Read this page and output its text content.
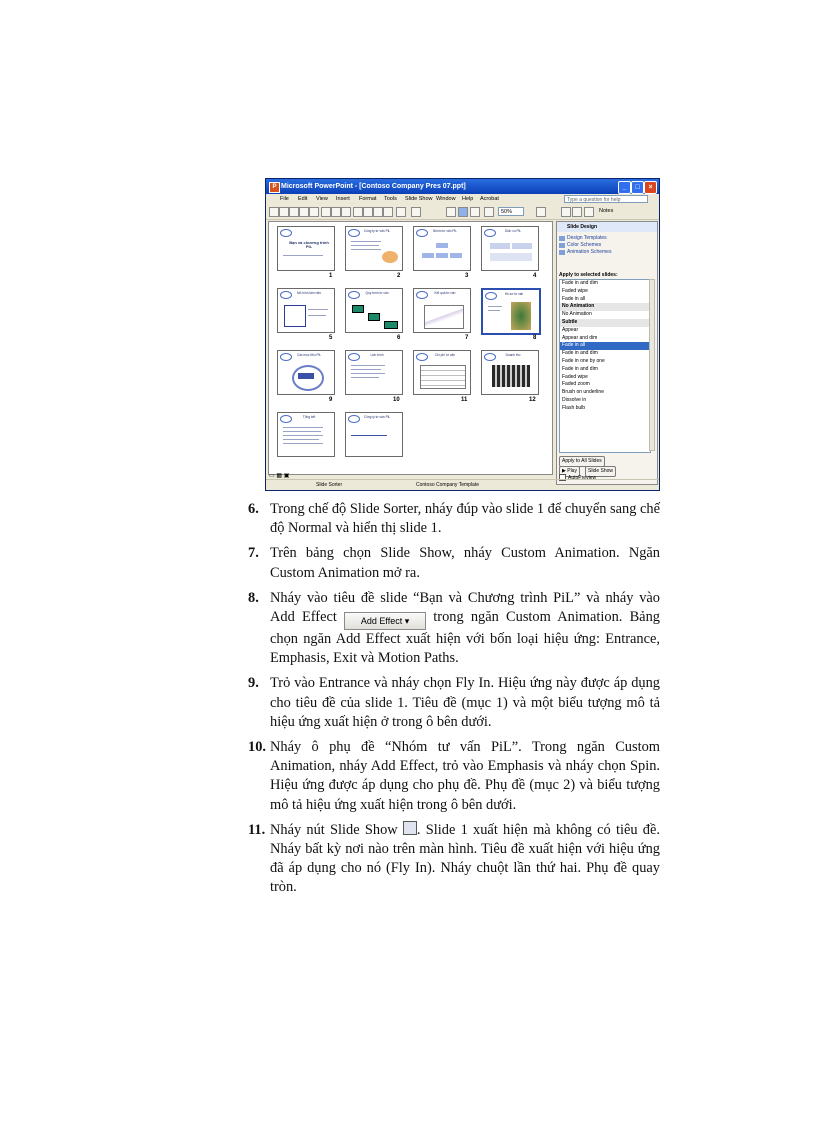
P Microsoft PowerPoint - [Contoso Company Pres 07.ppt]	_	□	×
File Edit View Insert Format Tools Slide Show Window Help Acrobat	Type a question for help
50%	Notes
Bạn và chương trình PiL
1
Công ty tư vấn PiL
2
Nhóm tư vấn PiL
3
Dịch vụ PiL
4
Mô hình làm việc
5
Quy trình tư vấn
6
Kết quả tư vấn
7
Hồ sơ tư vấn
8
Các mục tiêu PiL
9
Lịch trình
10
Chi phí tư vấn
11
Doanh thu
12
Tổng kết	Công ty tư vấn PiL
Slide Design
Design Templates
Color Schemes
Animation Schemes
Apply to selected slides:
Fade in and dim
Faded wipe
Fade in all
No Animation
No Animation
Subtle
Appear
Appear and dim
Fade in all
Fade in and dim
Fade in one by one
Fade in and dim
Faded wipe
Faded zoom
Brush on underline
Dissolve in
Flash bulb
Apply to All Slides
▶ Play	Slide Show
AutoPreview
▭ ▦ ▣
Slide Sorter	Contoso Company Template
6. Trong chế độ Slide Sorter, nháy đúp vào slide 1 để chuyển sang chế độ Normal và hiển thị slide 1.
7. Trên bảng chọn Slide Show, nháy Custom Animation. Ngăn Custom Animation mở ra.
8. Nháy vào tiêu đề slide “Bạn và Chương trình PiL” và nháy vào Add Effect	Add Effect ▾ trong ngăn Custom Animation. Bảng chọn ngăn Add Effect xuất hiện với bốn loại hiệu ứng: Entrance, Emphasis, Exit và Motion Paths.
9. Trỏ vào Entrance và nháy chọn Fly In. Hiệu ứng này được áp dụng cho tiêu đề của slide 1. Tiêu đề (mục 1) và một biểu tượng mô tả hiệu ứng xuất hiện ở trong ô bên dưới.
10. Nháy ô phụ đề “Nhóm tư vấn PiL”. Trong ngăn Custom Animation, nháy Add Effect, trỏ vào Emphasis và nháy chọn Spin. Hiệu ứng được áp dụng cho phụ đề. Phụ đề (mục 2) và biểu tượng mô tả hiệu ứng xuất hiện trong ô bên dưới.
11. Nháy nút Slide Show . Slide 1 xuất hiện mà không có tiêu đề. Nháy bất kỳ nơi nào trên màn hình. Tiêu đề xuất hiện với hiệu ứng đã áp dụng cho nó (Fly In). Nháy chuột lần thứ hai. Phụ đề quay tròn.
